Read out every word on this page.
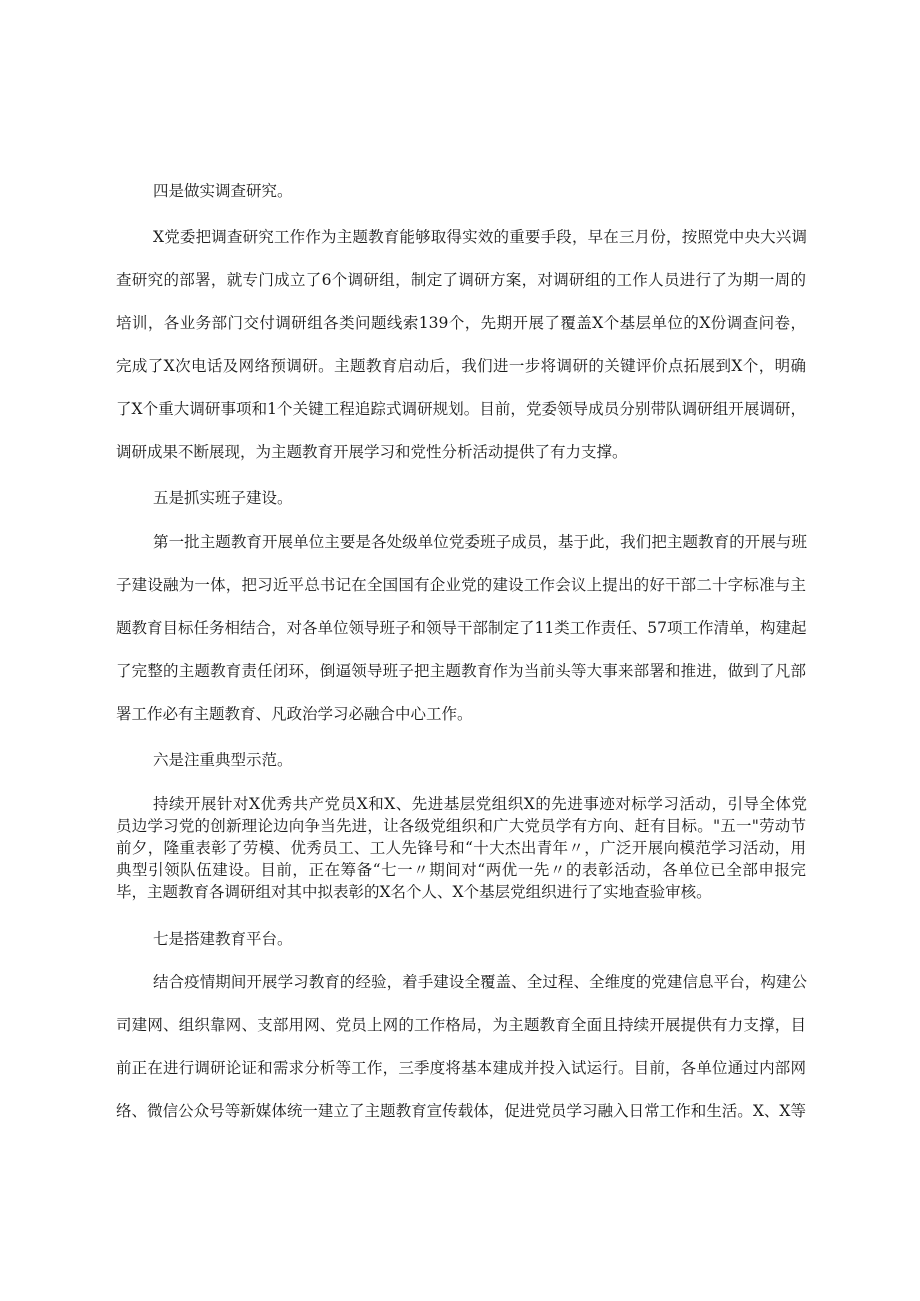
四是做实调查研究。
X党委把调查研究工作作为主题教育能够取得实效的重要手段，早在三月份，按照党中央大兴调
查研究的部署，就专门成立了6个调研组，制定了调研方案，对调研组的工作人员进行了为期一周的
培训，各业务部门交付调研组各类问题线索139个，先期开展了覆盖X个基层单位的X份调查问卷，
完成了X次电话及网络预调研。主题教育启动后，我们进一步将调研的关键评价点拓展到X个，明确
了X个重大调研事项和1个关键工程追踪式调研规划。目前，党委领导成员分别带队调研组开展调研，
调研成果不断展现，为主题教育开展学习和党性分析活动提供了有力支撑。
五是抓实班子建设。
第一批主题教育开展单位主要是各处级单位党委班子成员，基于此，我们把主题教育的开展与班
子建设融为一体，把习近平总书记在全国国有企业党的建设工作会议上提出的好干部二十字标准与主
题教育目标任务相结合，对各单位领导班子和领导干部制定了11类工作责任、57项工作清单，构建起
了完整的主题教育责任闭环，倒逼领导班子把主题教育作为当前头等大事来部署和推进，做到了凡部
署工作必有主题教育、凡政治学习必融合中心工作。
六是注重典型示范。
持续开展针对X优秀共产党员X和X、先进基层党组织X的先进事迹对标学习活动，引导全体党
员边学习党的创新理论边向争当先进，让各级党组织和广大党员学有方向、赶有目标。"五一"劳动节
前夕，隆重表彰了劳模、优秀员工、工人先锋号和“十大杰出青年〃，广泛开展向模范学习活动，用
典型引领队伍建设。目前，正在筹备“七一〃期间对“两优一先〃的表彰活动，各单位已全部申报完
毕，主题教育各调研组对其中拟表彰的X名个人、X个基层党组织进行了实地查验审核。
七是搭建教育平台。
结合疫情期间开展学习教育的经验，着手建设全覆盖、全过程、全维度的党建信息平台，构建公
司建网、组织靠网、支部用网、党员上网的工作格局，为主题教育全面且持续开展提供有力支撑，目
前正在进行调研论证和需求分析等工作，三季度将基本建成并投入试运行。目前，各单位通过内部网
络、微信公众号等新媒体统一建立了主题教育宣传载体，促进党员学习融入日常工作和生活。X、X等
